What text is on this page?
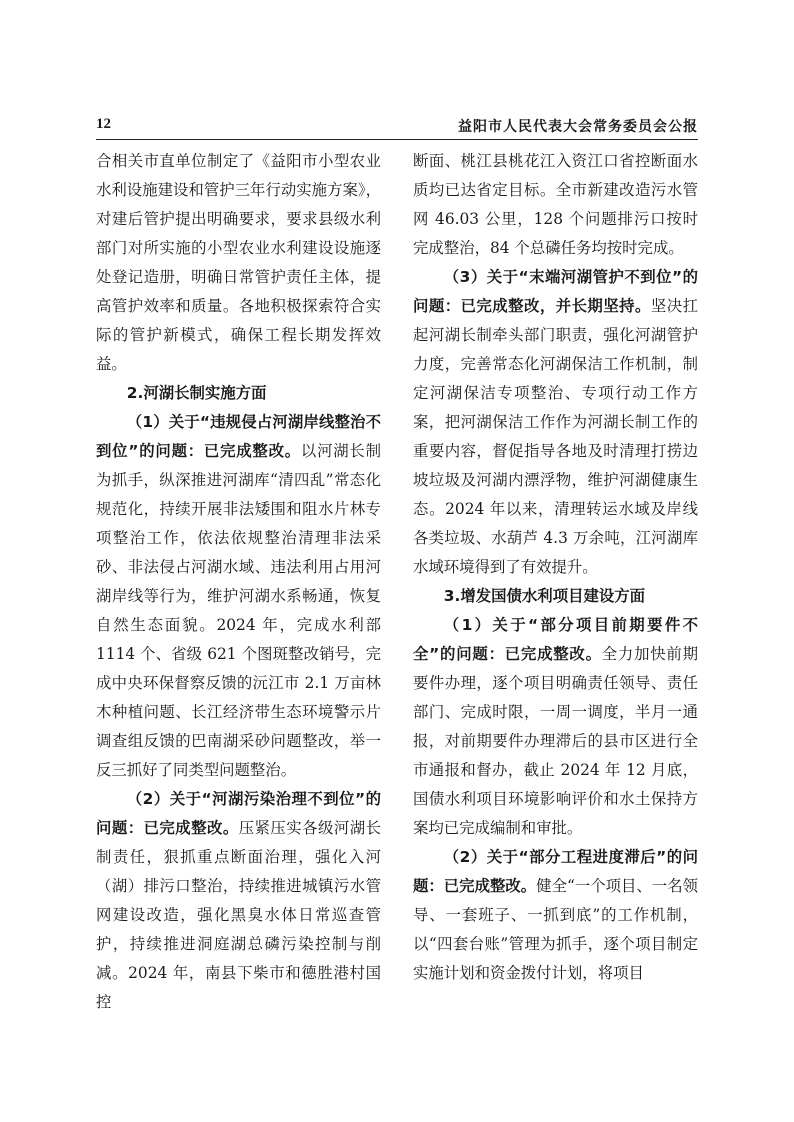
12	益阳市人民代表大会常务委员会公报

合相关市直单位制定了《益阳市小型农业水利设施建设和管护三年行动实施方案》，对建后管护提出明确要求，要求县级水利部门对所实施的小型农业水利建设设施逐处登记造册，明确日常管护责任主体，提高管护效率和质量。各地积极探索符合实际的管护新模式，确保工程长期发挥效益。

2.河湖长制实施方面

（1）关于“违规侵占河湖岸线整治不到位”的问题：已完成整改。以河湖长制为抓手，纵深推进河湖库“清四乱”常态化规范化，持续开展非法矮围和阻水片林专项整治工作，依法依规整治清理非法采砂、非法侵占河湖水域、违法利用占用河湖岸线等行为，维护河湖水系畅通，恢复自然生态面貌。2024 年，完成水利部 1114 个、省级 621 个图斑整改销号，完成中央环保督察反馈的沅江市 2.1 万亩林木种植问题、长江经济带生态环境警示片调查组反馈的巴南湖采砂问题整改，举一反三抓好了同类型问题整治。

（2）关于“河湖污染治理不到位”的问题：已完成整改。压紧压实各级河湖长制责任，狠抓重点断面治理，强化入河（湖）排污口整治，持续推进城镇污水管网建设改造，强化黑臭水体日常巡查管护，持续推进洞庭湖总磷污染控制与削减。2024 年，南县下柴市和德胜港村国控

断面、桃江县桃花江入资江口省控断面水质均已达省定目标。全市新建改造污水管网 46.03 公里，128 个问题排污口按时完成整治，84 个总磷任务均按时完成。

（3）关于“末端河湖管护不到位”的问题：已完成整改，并长期坚持。坚决扛起河湖长制牵头部门职责，强化河湖管护力度，完善常态化河湖保洁工作机制，制定河湖保洁专项整治、专项行动工作方案，把河湖保洁工作作为河湖长制工作的重要内容，督促指导各地及时清理打捞边坡垃圾及河湖内漂浮物，维护河湖健康生态。2024 年以来，清理转运水域及岸线各类垃圾、水葫芦 4.3 万余吨，江河湖库水域环境得到了有效提升。

3.增发国债水利项目建设方面

（1）关于“部分项目前期要件不全”的问题：已完成整改。全力加快前期要件办理，逐个项目明确责任领导、责任部门、完成时限，一周一调度，半月一通报，对前期要件办理滞后的县市区进行全市通报和督办，截止 2024 年 12 月底，国债水利项目环境影响评价和水土保持方案均已完成编制和审批。

（2）关于“部分工程进度滞后”的问题：已完成整改。健全“一个项目、一名领导、一套班子、一抓到底”的工作机制，以“四套台账”管理为抓手，逐个项目制定实施计划和资金拨付计划，将项目
